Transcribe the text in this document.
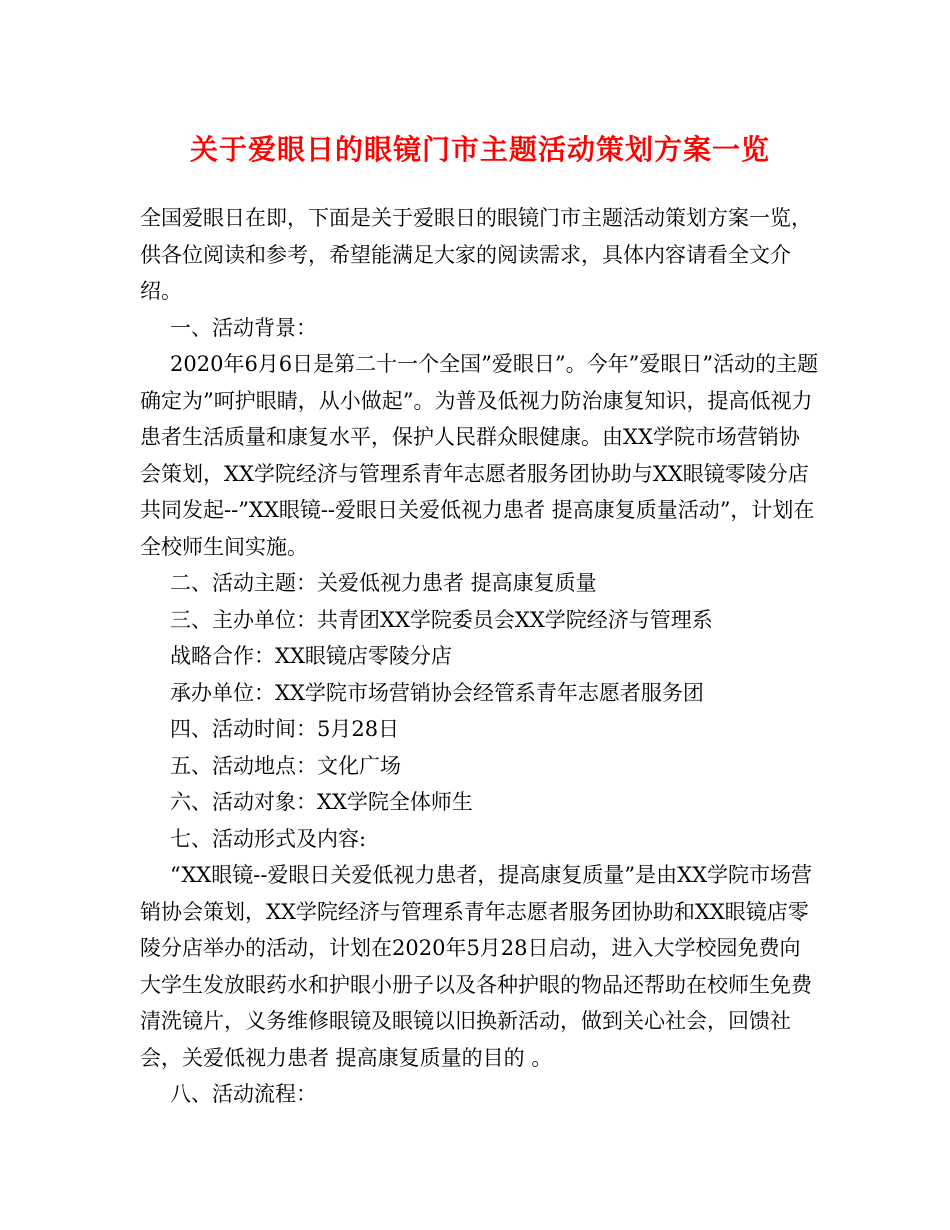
关于爱眼日的眼镜门市主题活动策划方案一览

全国爱眼日在即，下面是关于爱眼日的眼镜门市主题活动策划方案一览，供各位阅读和参考，希望能满足大家的阅读需求，具体内容请看全文介绍。

一、活动背景：

2020年6月6日是第二十一个全国”爱眼日”。今年”爱眼日”活动的主题确定为”呵护眼睛，从小做起”。为普及低视力防治康复知识，提高低视力患者生活质量和康复水平，保护人民群众眼健康。由XX学院市场营销协会策划，XX学院经济与管理系青年志愿者服务团协助与XX眼镜零陵分店共同发起--”XX眼镜--爱眼日关爱低视力患者 提高康复质量活动”，计划在全校师生间实施。

二、活动主题：关爱低视力患者 提高康复质量

三、主办单位：共青团XX学院委员会XX学院经济与管理系

战略合作：XX眼镜店零陵分店

承办单位：XX学院市场营销协会经管系青年志愿者服务团

四、活动时间：5月28日

五、活动地点：文化广场

六、活动对象：XX学院全体师生

七、活动形式及内容:

“XX眼镜--爱眼日关爱低视力患者，提高康复质量”是由XX学院市场营销协会策划，XX学院经济与管理系青年志愿者服务团协助和XX眼镜店零陵分店举办的活动，计划在2020年5月28日启动，进入大学校园免费向大学生发放眼药水和护眼小册子以及各种护眼的物品还帮助在校师生免费清洗镜片，义务维修眼镜及眼镜以旧换新活动，做到关心社会，回馈社会，关爱低视力患者 提高康复质量的目的 。

八、活动流程：
